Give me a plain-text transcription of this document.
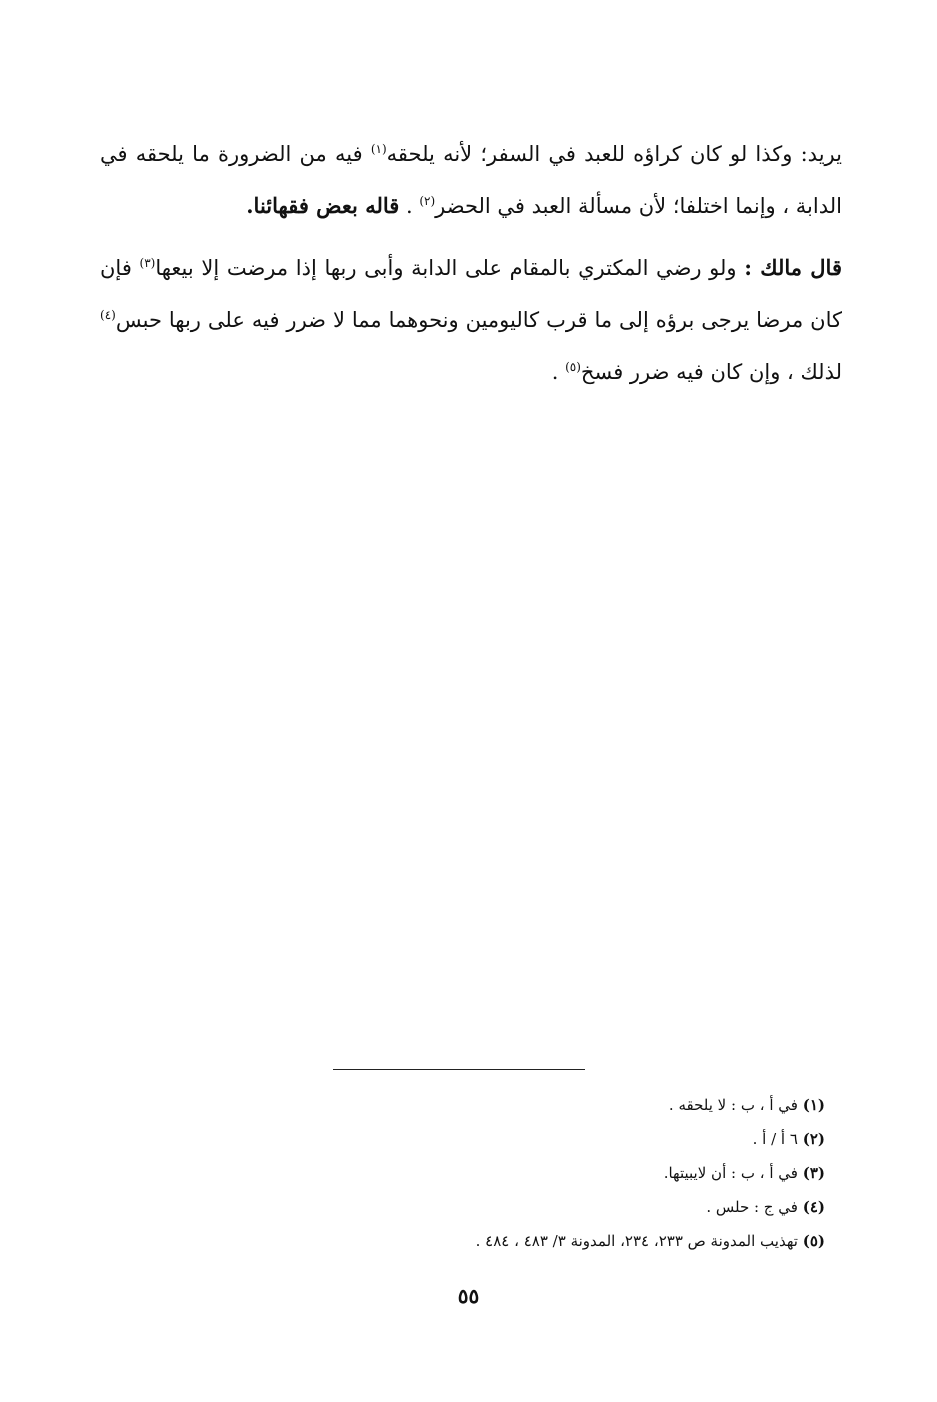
يريد: وكذا لو كان كراؤه للعبد في السفر؛ لأنه يلحقه$^{(١)}$ فيه من الضرورة ما يلحقه في الدابة ، وإنما اختلفا؛ لأن مسألة العبد في الحضر$^{(٢)}$ . قاله بعض فقهائنا.

قال مالك : ولو رضي المكتري بالمقام على الدابة وأبى ربها إذا مرضت إلا بيعها$^{(٣)}$ فإن كان مرضا يرجى برؤه إلى ما قرب كاليومين ونحوهما مما لا ضرر فيه على ربها حبس$^{(٤)}$ لذلك ، وإن كان فيه ضرر فسخ$^{(٥)}$ .

(١) في أ ، ب : لا يلحقه .

(٢) ٦ أ / أ .

(٣) في أ ، ب : أن لايبيتها.

(٤) في ج : حلس .

(٥) تهذيب المدونة ص ٢٣٣، ٢٣٤، المدونة ٣/ ٤٨٣ ، ٤٨٤ .

٥٥
